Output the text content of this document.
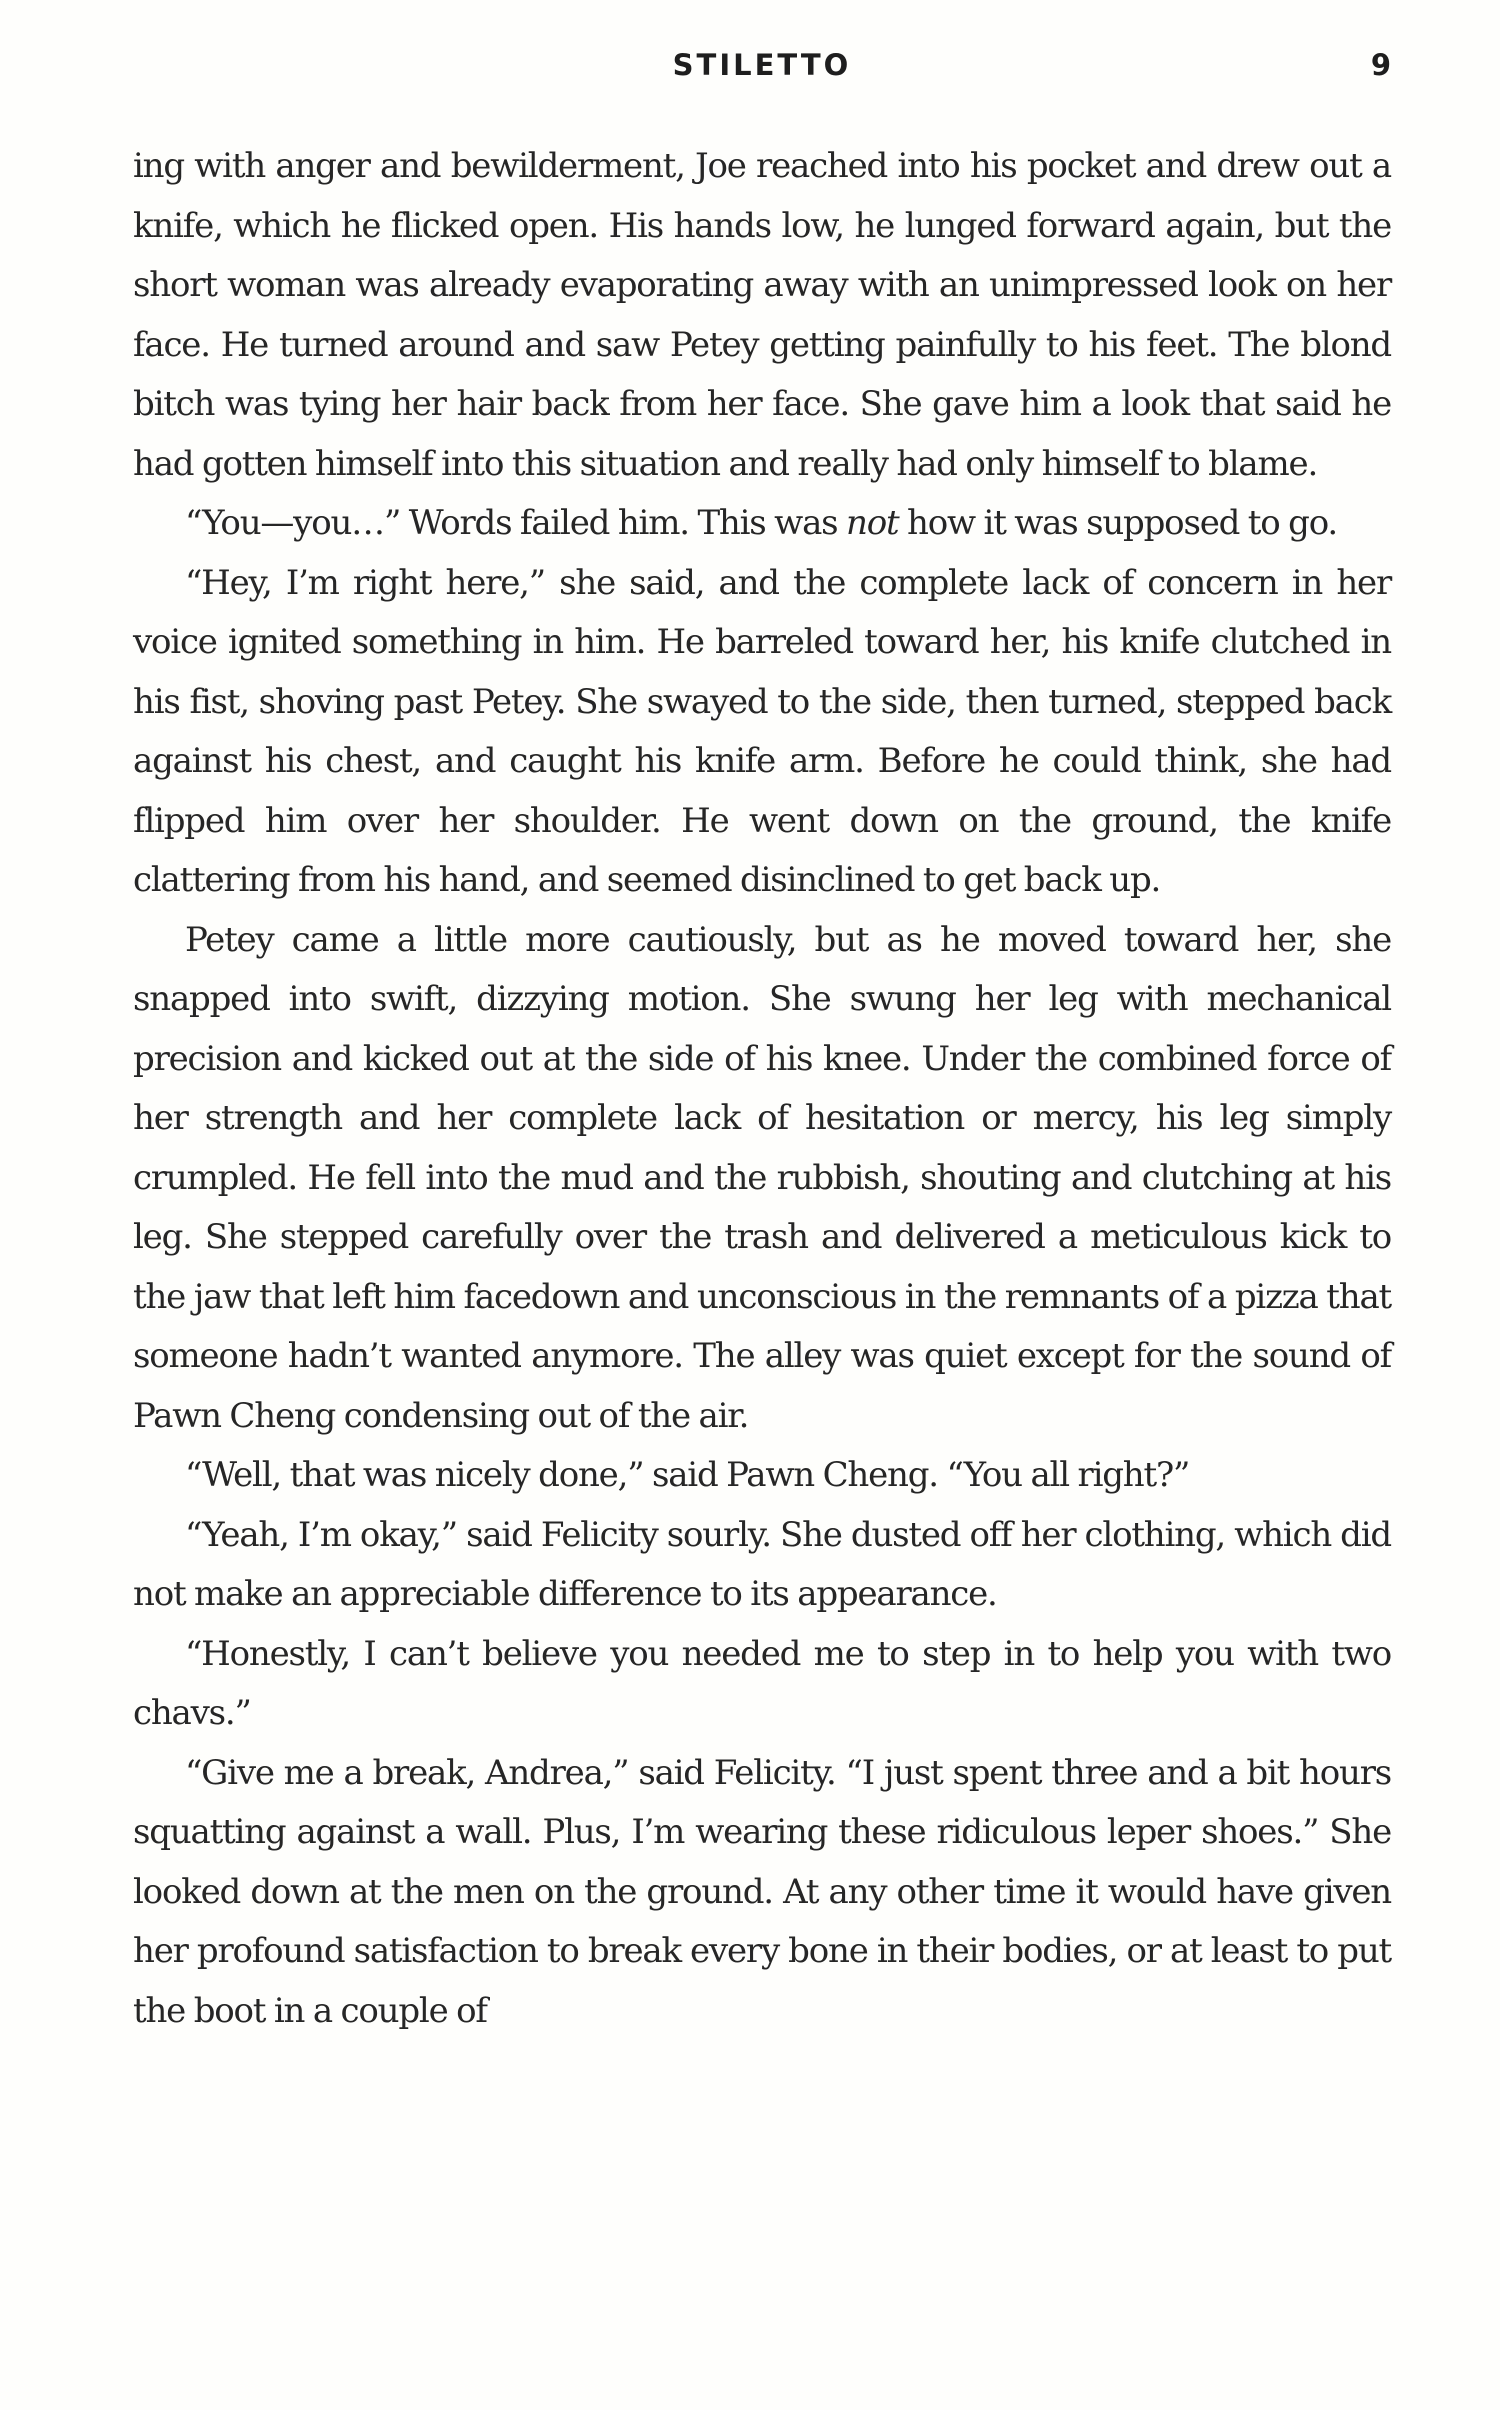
STILETTO	9

ing with anger and bewilderment, Joe reached into his pocket and drew out a knife, which he flicked open. His hands low, he lunged forward again, but the short woman was already evaporating away with an unimpressed look on her face. He turned around and saw Petey getting painfully to his feet. The blond bitch was tying her hair back from her face. She gave him a look that said he had gotten himself into this situation and really had only himself to blame.

“You—you…” Words failed him. This was not how it was supposed to go.

“Hey, I’m right here,” she said, and the complete lack of concern in her voice ignited something in him. He barreled toward her, his knife clutched in his fist, shoving past Petey. She swayed to the side, then turned, stepped back against his chest, and caught his knife arm. Before he could think, she had flipped him over her shoulder. He went down on the ground, the knife clattering from his hand, and seemed disinclined to get back up.

Petey came a little more cautiously, but as he moved toward her, she snapped into swift, dizzying motion. She swung her leg with mechanical precision and kicked out at the side of his knee. Under the combined force of her strength and her complete lack of hesitation or mercy, his leg simply crumpled. He fell into the mud and the rubbish, shouting and clutching at his leg. She stepped carefully over the trash and delivered a meticulous kick to the jaw that left him facedown and unconscious in the remnants of a pizza that someone hadn’t wanted anymore. The alley was quiet except for the sound of Pawn Cheng condensing out of the air.

“Well, that was nicely done,” said Pawn Cheng. “You all right?”

“Yeah, I’m okay,” said Felicity sourly. She dusted off her clothing, which did not make an appreciable difference to its appearance.

“Honestly, I can’t believe you needed me to step in to help you with two chavs.”

“Give me a break, Andrea,” said Felicity. “I just spent three and a bit hours squatting against a wall. Plus, I’m wearing these ridiculous leper shoes.” She looked down at the men on the ground. At any other time it would have given her profound satisfaction to break every bone in their bodies, or at least to put the boot in a couple of
